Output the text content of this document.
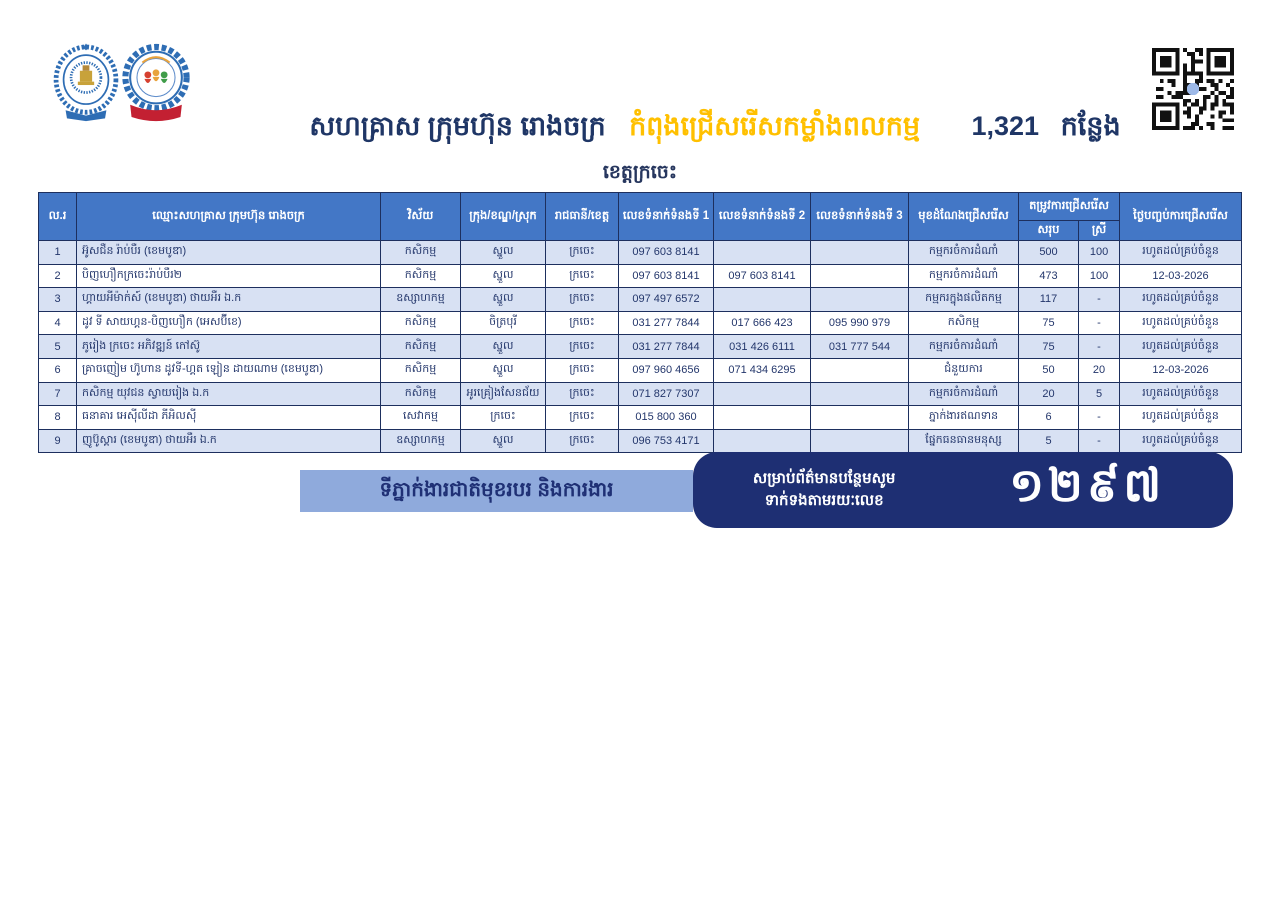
សហគ្រាស ក្រុមហ៊ុន រោងចក្រ កំពុងជ្រើសរើសកម្លាំងពលកម្ម 1,321 កន្លែង
ខេត្តក្រចេះ
ល.រ	ឈ្មោះសហគ្រាស ក្រុមហ៊ុន រោងចក្រ	វិស័យ	ក្រុង/ខណ្ឌ/ស្រុក	រាជធានី/ខេត្ត	លេខទំនាក់ទំនងទី 1	លេខទំនាក់ទំនងទី 2	លេខទំនាក់ទំនងទី 3	មុខដំណែងជ្រើសរើស	តម្រូវការជ្រើសរើស		ថ្ងៃបញ្ចប់ការជ្រើសរើស
									សរុប	ស្រី	
1	អ៊ូសជឺន រ៉ាប់បឺរ (ខេមបូឌា)	កសិកម្ម	ស្នួល	ក្រចេះ	097 603 8141			កម្មករចំការដំណាំ	500	100	រហូតដល់គ្រប់ចំនួន
2	បិញហឿកក្រចេះរ៉ាប់បឺរ២	កសិកម្ម	ស្នួល	ក្រចេះ	097 603 8141	097 603 8141		កម្មករចំការដំណាំ	473	100	12-03-2026
3	ហ្គាយអីម៉ាក់ស៍ (ខេមបូឌា) ថាយអឺរ ឯ.ក	ឧស្សាហកម្ម	ស្នួល	ក្រចេះ	097 497 6572			កម្មករក្នុងផលិតកម្ម	117	-	រហូតដល់គ្រប់ចំនួន
4	ដូវ ទី សាយហ្គន-បិញហឿក (អេសប៊ីខេ)	កសិកម្ម	ចិត្របុរី	ក្រចេះ	031 277 7844	017 666 423	095 990 979	កសិកម្ម	75	-	រហូតដល់គ្រប់ចំនួន
5	ភូរៀង ក្រចេះ អភិវឌ្ឍន៍ កៅស៊ូ	កសិកម្ម	ស្នួល	ក្រចេះ	031 277 7844	031 426 6111	031 777 544	កម្មករចំការដំណាំ	75	-	រហូតដល់គ្រប់ចំនួន
6	គ្រាចញៀម ហ៊ូហាន ដូវទី-ហ្គត ឡៀន ដាយណាម (ខេមបូឌា)	កសិកម្ម	ស្នួល	ក្រចេះ	097 960 4656	071 434 6295		ជំនួយការ	50	20	12-03-2026
7	កសិកម្ម យុវជន ស្វាយរៀង ឯ.ក	កសិកម្ម	អូរគ្រៀងសែនជ័យ	ក្រចេះ	071 827 7307			កម្មករចំការដំណាំ	20	5	រហូតដល់គ្រប់ចំនួន
8	ធនាគារ អេស៊ីលីដា ភីអិលស៊ី	សេវាកម្ម	ក្រចេះ	ក្រចេះ	015 800 360			ភ្នាក់ងារឥណទាន	6	-	រហូតដល់គ្រប់ចំនួន
9	ញូប៊ូស្គារ (ខេមបូឌា) ថាយអឺរ ឯ.ក	ឧស្សាហកម្ម	ស្នួល	ក្រចេះ	096 753 4171			ផ្នែកធនធានមនុស្ស	5	-	រហូតដល់គ្រប់ចំនួន
ទីភ្នាក់ងារជាតិមុខរបរ និងការងារ
សម្រាប់ព័ត៌មានបន្ថែមសូម
ទាក់ទងតាមរយៈលេខ	១២៩៧
